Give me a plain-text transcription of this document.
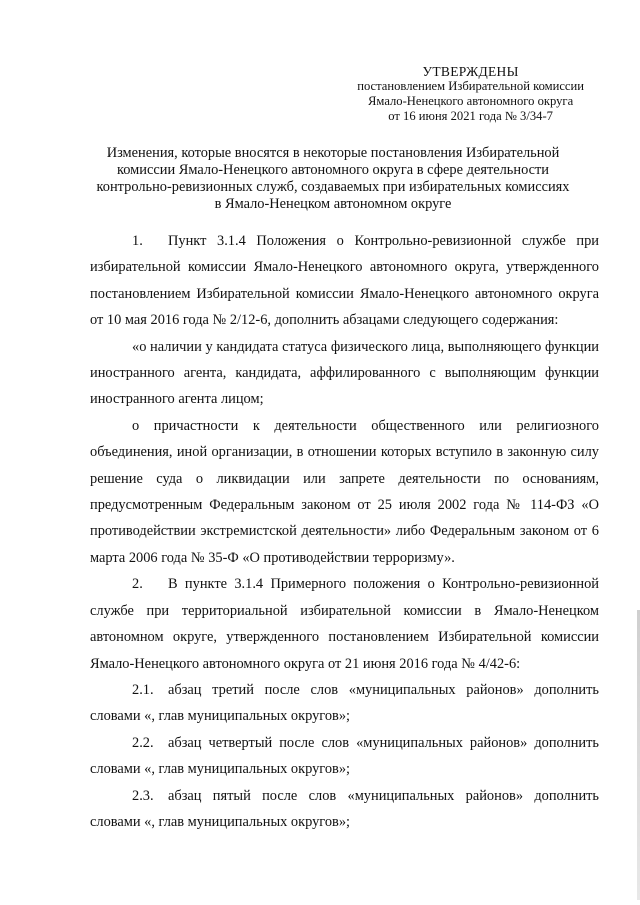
УТВЕРЖДЕНЫ
постановлением Избирательной комиссии
Ямало-Ненецкого автономного округа
от 16 июня 2021 года № 3/34-7
Изменения, которые вносятся в некоторые постановления Избирательной
комиссии Ямало-Ненецкого автономного округа в сфере деятельности
контрольно-ревизионных служб, создаваемых при избирательных комиссиях
в Ямало-Ненецком автономном округе

1. Пункт 3.1.4 Положения о Контрольно-ревизионной службе при избирательной комиссии Ямало-Ненецкого автономного округа, утвержденного постановлением Избирательной комиссии Ямало-Ненецкого автономного округа от 10 мая 2016 года № 2/12-6, дополнить абзацами следующего содержания:

«о наличии у кандидата статуса физического лица, выполняющего функции иностранного агента, кандидата, аффилированного с выполняющим функции иностранного агента лицом;

о причастности к деятельности общественного или религиозного объединения, иной организации, в отношении которых вступило в законную силу решение суда о ликвидации или запрете деятельности по основаниям, предусмотренным Федеральным законом от 25 июля 2002 года № 114-ФЗ «О противодействии экстремистской деятельности» либо Федеральным законом от 6 марта 2006 года № 35-Ф «О противодействии терроризму».

2. В пункте 3.1.4 Примерного положения о Контрольно-ревизионной службе при территориальной избирательной комиссии в Ямало-Ненецком автономном округе, утвержденного постановлением Избирательной комиссии Ямало-Ненецкого автономного округа от 21 июня 2016 года № 4/42-6:

2.1. абзац третий после слов «муниципальных районов» дополнить словами «, глав муниципальных округов»;

2.2. абзац четвертый после слов «муниципальных районов» дополнить словами «, глав муниципальных округов»;

2.3. абзац пятый после слов «муниципальных районов» дополнить словами «, глав муниципальных округов»;
